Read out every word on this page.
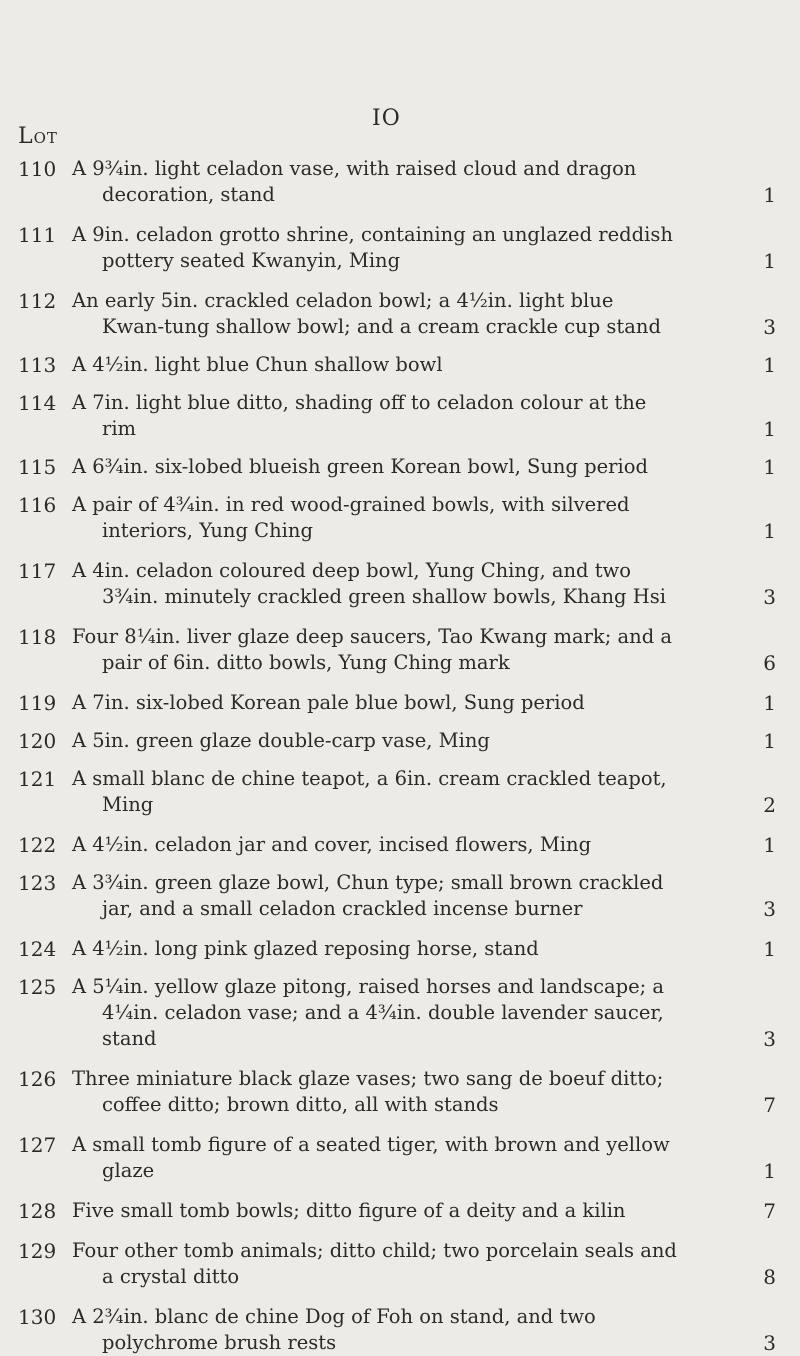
IO
Lot
110 A 9¾in. light celadon vase, with raised cloud and dragon decoration, stand	1
111 A 9in. celadon grotto shrine, containing an unglazed reddish pottery seated Kwanyin, Ming	1
112 An early 5in. crackled celadon bowl; a 4½in. light blue Kwan-tung shallow bowl; and a cream crackle cup stand	3
113 A 4½in. light blue Chun shallow bowl	1
114 A 7in. light blue ditto, shading off to celadon colour at the rim	1
115 A 6¾in. six-lobed blueish green Korean bowl, Sung period	1
116 A pair of 4¾in. in red wood-grained bowls, with silvered interiors, Yung Ching	1
117 A 4in. celadon coloured deep bowl, Yung Ching, and two 3¾in. minutely crackled green shallow bowls, Khang Hsi	3
118 Four 8¼in. liver glaze deep saucers, Tao Kwang mark; and a pair of 6in. ditto bowls, Yung Ching mark	6
119 A 7in. six-lobed Korean pale blue bowl, Sung period	1
120 A 5in. green glaze double-carp vase, Ming	1
121 A small blanc de chine teapot, a 6in. cream crackled teapot, Ming	2
122 A 4½in. celadon jar and cover, incised flowers, Ming	1
123 A 3¾in. green glaze bowl, Chun type; small brown crackled jar, and a small celadon crackled incense burner	3
124 A 4½in. long pink glazed reposing horse, stand	1
125 A 5¼in. yellow glaze pitong, raised horses and landscape; a 4¼in. celadon vase; and a 4¾in. double lavender saucer, stand	3
126 Three miniature black glaze vases; two sang de boeuf ditto; coffee ditto; brown ditto, all with stands	7
127 A small tomb figure of a seated tiger, with brown and yellow glaze	1
128 Five small tomb bowls; ditto figure of a deity and a kilin	7
129 Four other tomb animals; ditto child; two porcelain seals and a crystal ditto	8
130 A 2¾in. blanc de chine Dog of Foh on stand, and two polychrome brush rests	3
